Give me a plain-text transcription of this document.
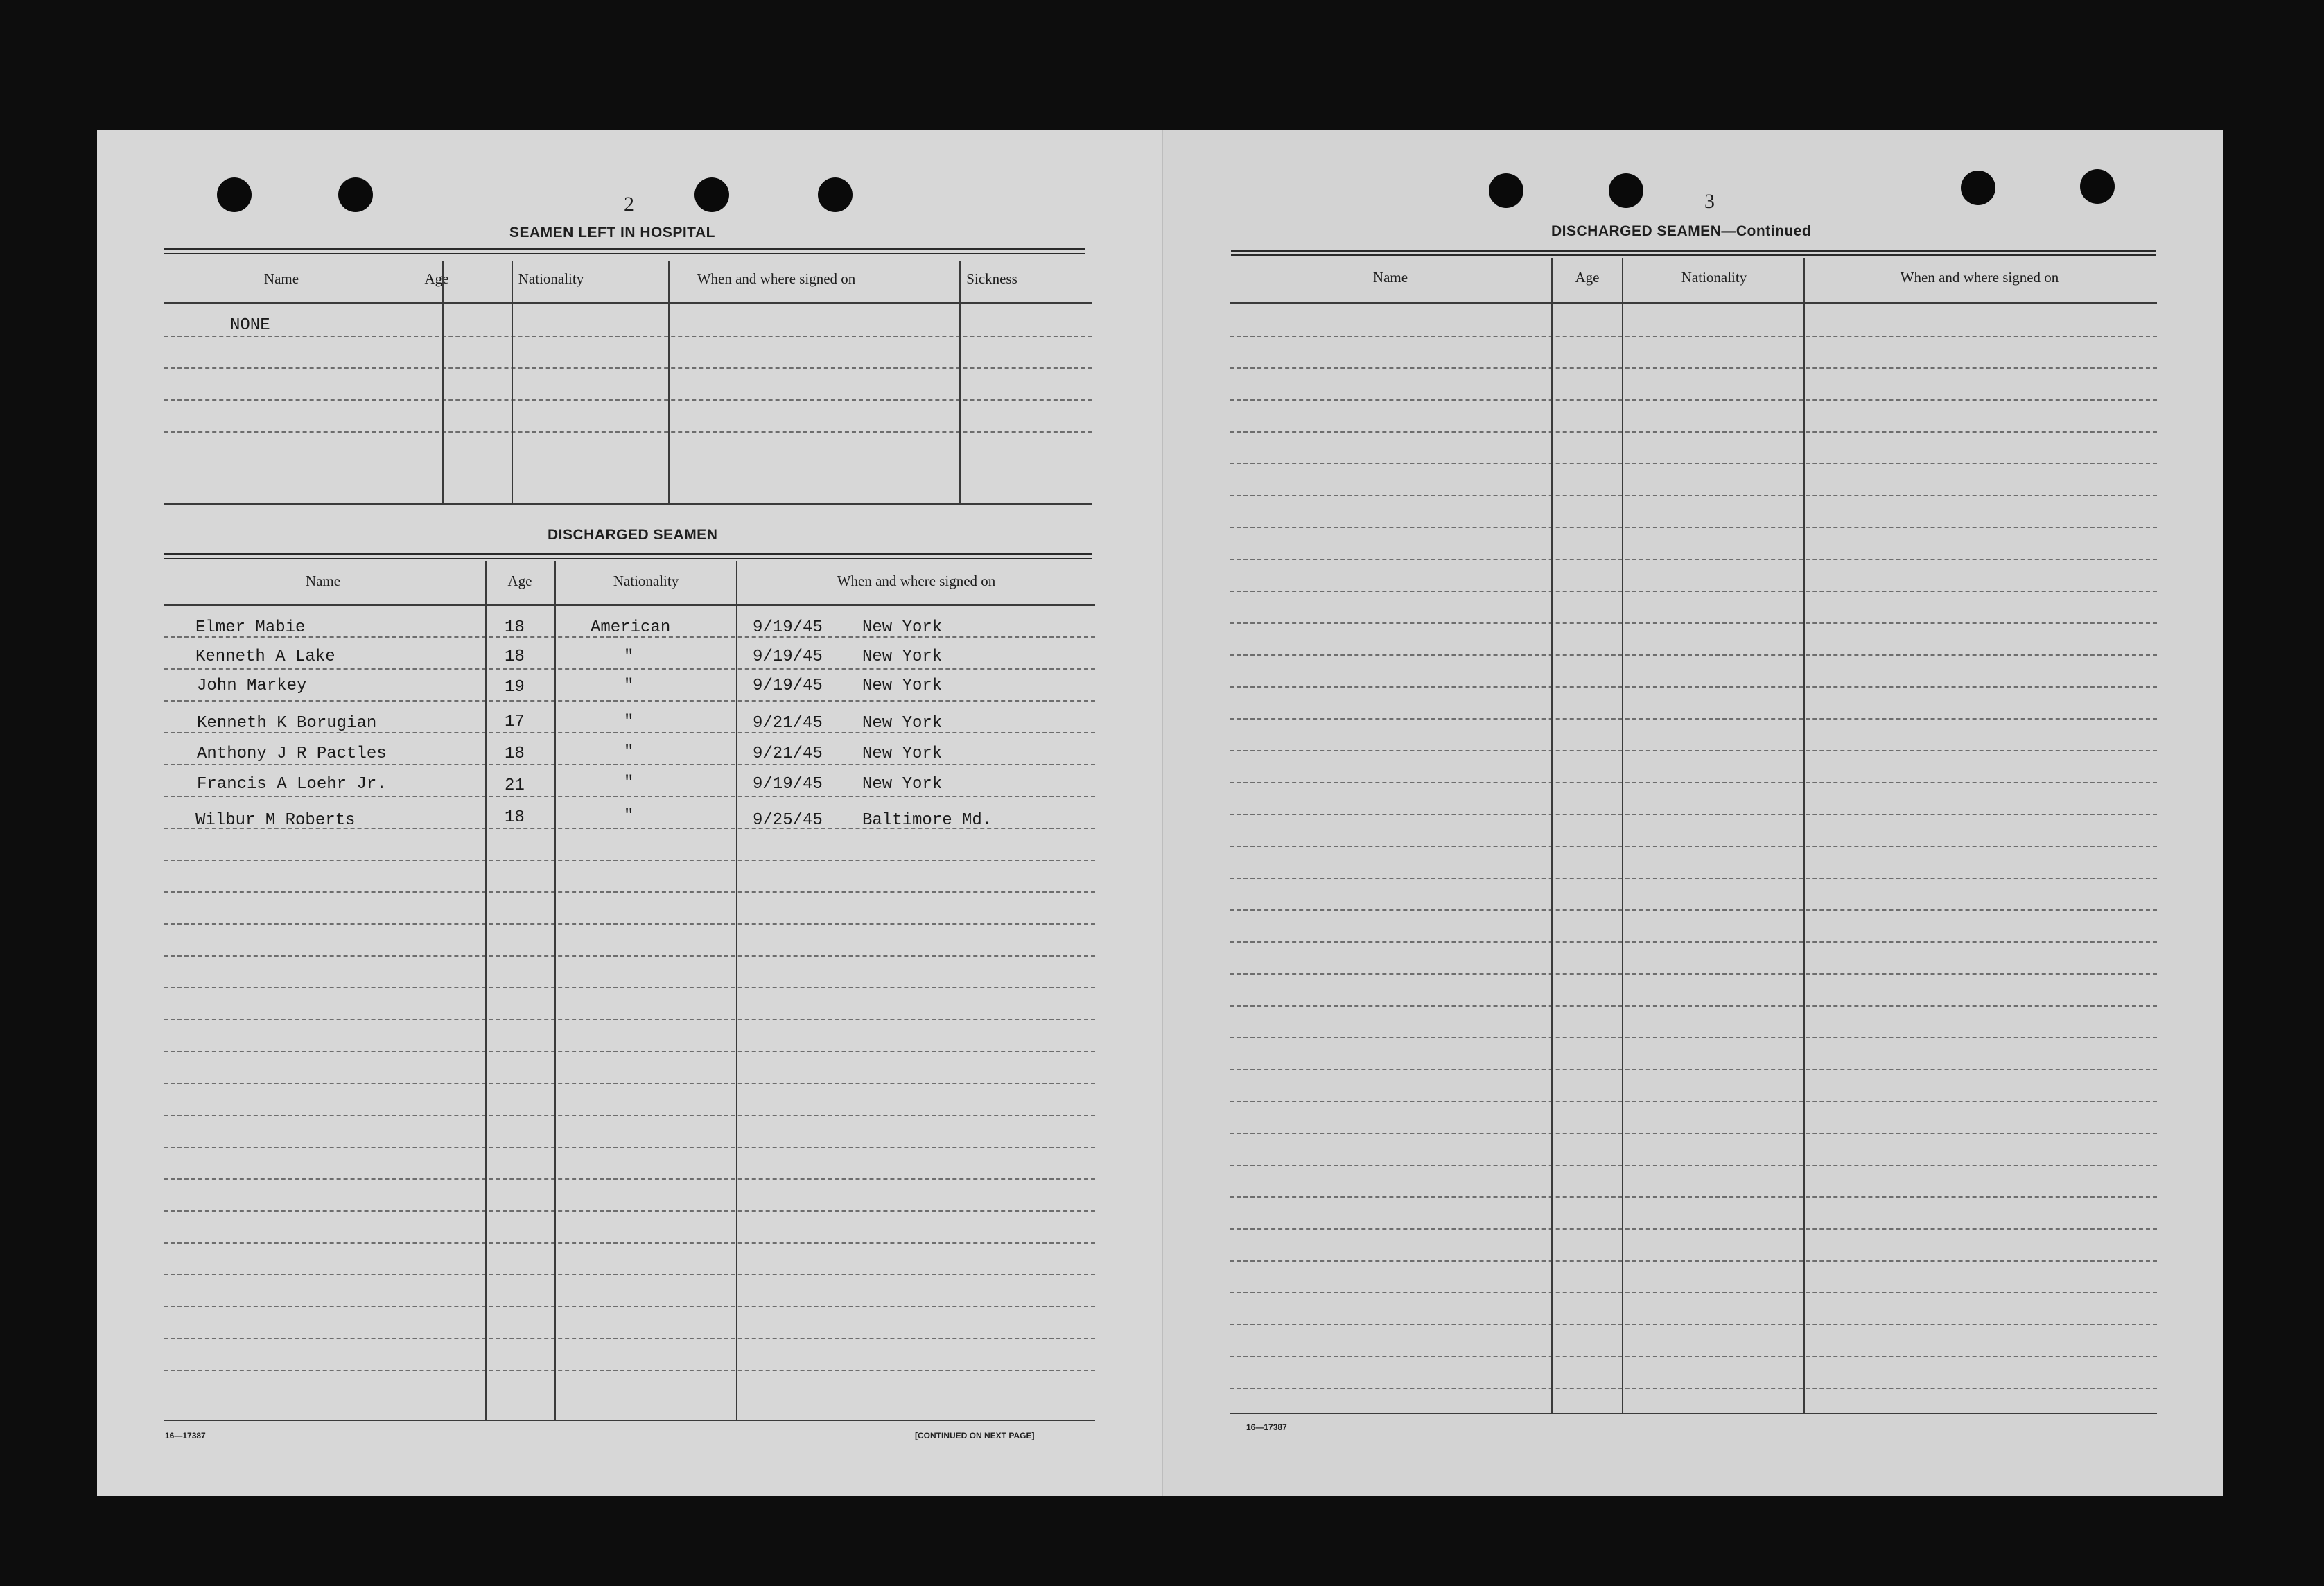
2
SEAMEN LEFT IN HOSPITAL
Name	Age	Nationality	When and where signed on	Sickness
NONE
DISCHARGED SEAMEN
Name	Age	Nationality	When and where signed on
Elmer Mabie	18	American	9/19/45 New York
Kenneth A Lake	18	"	9/19/45 New York
John Markey	19	"	9/19/45 New York
Kenneth K Borugian	17	"	9/21/45 New York
Anthony J R Pactles	18	"	9/21/45 New York
Francis A Loehr Jr.	21	"	9/19/45 New York
Wilbur M Roberts	18	"	9/25/45 Baltimore Md.
16—17387	[CONTINUED ON NEXT PAGE]
3
DISCHARGED SEAMEN—Continued
Name	Age	Nationality	When and where signed on
16—17387
